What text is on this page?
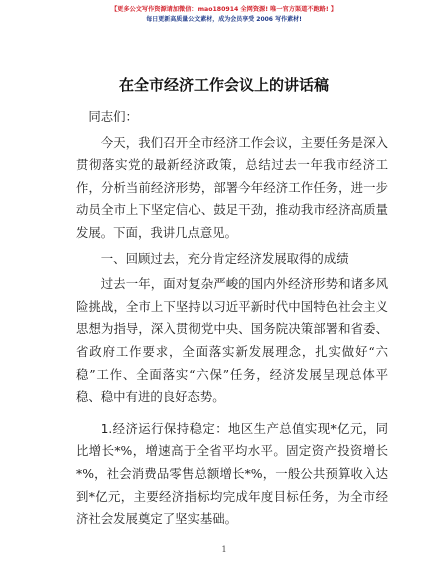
【更多公文写作资源请加微信：mao180914 全网资源! 唯一官方渠道不跑路! 】
每日更新高质量公文素材，成为会员享受 2006 写作素材!
在全市经济工作会议上的讲话稿

同志们：

今天，我们召开全市经济工作会议，主要任务是深入贯彻落实党的最新经济政策，总结过去一年我市经济工作，分析当前经济形势，部署今年经济工作任务，进一步动员全市上下坚定信心、鼓足干劲，推动我市经济高质量发展。下面，我讲几点意见。

一、回顾过去，充分肯定经济发展取得的成绩

过去一年，面对复杂严峻的国内外经济形势和诸多风险挑战，全市上下坚持以习近平新时代中国特色社会主义思想为指导，深入贯彻党中央、国务院决策部署和省委、省政府工作要求，全面落实新发展理念，扎实做好“六稳”工作、全面落实“六保”任务，经济发展呈现总体平稳、稳中有进的良好态势。

1.经济运行保持稳定：地区生产总值实现*亿元，同比增长*%，增速高于全省平均水平。固定资产投资增长*%，社会消费品零售总额增长*%，一般公共预算收入达到*亿元，主要经济指标均完成年度目标任务，为全市经济社会发展奠定了坚实基础。

1
